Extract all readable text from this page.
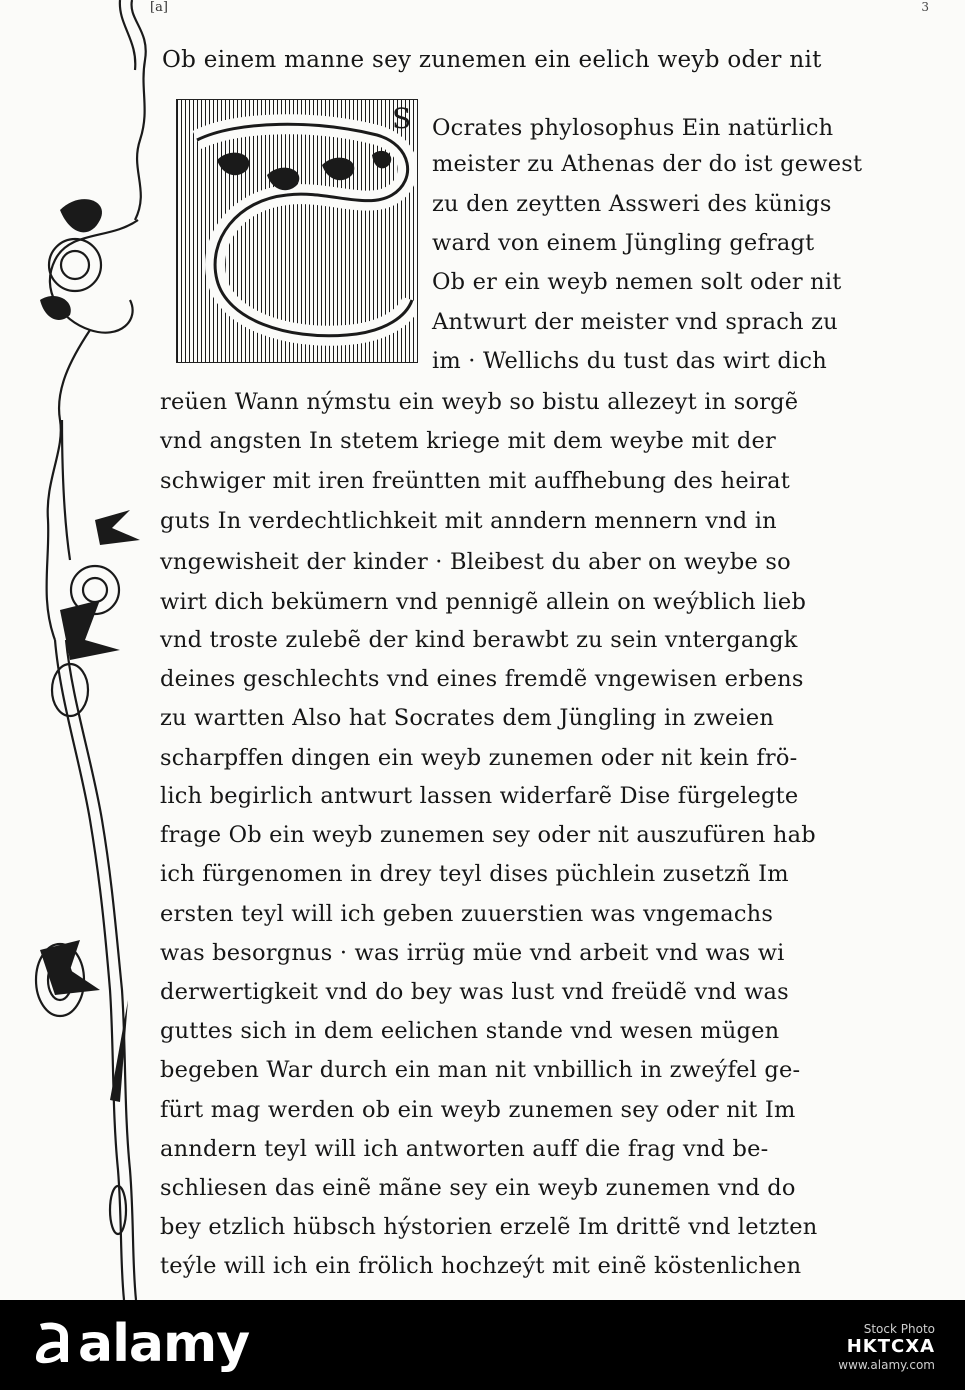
[a]	3
Ob einem manne sey zunemen ein eelich weyb oder nit
S Ocrates phylosophus Ein natürlich
meister zu Athenas der do ist gewest
zu den zeytten Assweri des künigs
ward von einem Jüngling gefragt
Ob er ein weyb nemen solt oder nit
Antwurt der meister vnd sprach zu
im · Wellichs du tust das wirt dich
reüen Wann nýmstu ein weyb so bistu allezeyt in sorgẽ
vnd angsten In stetem kriege mit dem weybe mit der
schwiger mit iren freüntten mit auffhebung des heirat
guts In verdechtlichkeit mit anndern mennern vnd in
vngewisheit der kinder · Bleibest du aber on weybe so
wirt dich bekümern vnd pennigẽ allein on weýblich lieb
vnd troste zulebẽ der kind berawbt zu sein vntergangk
deines geschlechts vnd eines fremdẽ vngewisen erbens
zu wartten Also hat Socrates dem Jüngling in zweien
scharpffen dingen ein weyb zunemen oder nit kein frö-
lich begirlich antwurt lassen widerfarẽ Dise fürgelegte
frage Ob ein weyb zunemen sey oder nit auszufüren hab
ich fürgenomen in drey teyl dises püchlein zusetzñ Im
ersten teyl will ich geben zuuerstien was vngemachs
was besorgnus · was irrüg müe vnd arbeit vnd was wi
derwertigkeit vnd do bey was lust vnd freüdẽ vnd was
guttes sich in dem eelichen stande vnd wesen mügen
begeben War durch ein man nit vnbillich in zweýfel ge-
fürt mag werden ob ein weyb zunemen sey oder nit Im
anndern teyl will ich antworten auff die frag vnd be-
schliesen das einẽ mãne sey ein weyb zunemen vnd do
bey etzlich hübsch hýstorien erzelẽ Im drittẽ vnd letzten
teýle will ich ein frölich hochzeýt mit einẽ köstenlichen
alamy	Stock Photo
HKTCXA
www.alamy.com
